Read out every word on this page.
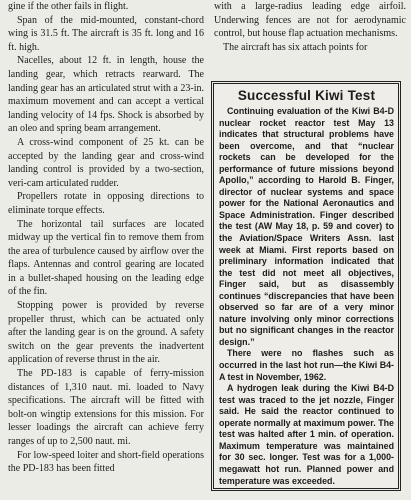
gine if the other fails in flight.

Span of the mid-mounted, constant-chord wing is 31.5 ft. The aircraft is 35 ft. long and 16 ft. high.

Nacelles, about 12 ft. in length, house the landing gear, which retracts rearward. The landing gear has an articulated strut with a 23-in. maximum movement and can accept a vertical landing velocity of 14 fps. Shock is absorbed by an oleo and spring beam arrangement.

A cross-wind component of 25 kt. can be accepted by the landing gear and cross-wind landing control is provided by a two-section, veri-cam articulated rudder.

Propellers rotate in opposing directions to eliminate torque effects.

The horizontal tail surfaces are located midway up the vertical fin to remove them from the area of turbulence caused by airflow over the flaps. Antennas and control gearing are located in a bullet-shaped housing on the leading edge of the fin.

Stopping power is provided by reverse propeller thrust, which can be actuated only after the landing gear is on the ground. A safety switch on the gear prevents the inadvertent application of reverse thrust in the air.

The PD-183 is capable of ferry-mission distances of 1,310 naut. mi. loaded to Navy specifications. The aircraft will be fitted with bolt-on wingtip extensions for this mission. For lesser loadings the aircraft can achieve ferry ranges of up to 2,500 naut. mi.

For low-speed loiter and short-field operations the PD-183 has been fitted

with a large-radius leading edge airfoil. Underwing fences are not for aerodynamic control, but house flap actuation mechanisms.

The aircraft has six attach points for

Successful Kiwi Test

Continuing evaluation of the Kiwi B4-D nuclear rocket reactor test May 13 indicates that structural problems have been overcome, and that “nuclear rockets can be developed for the performance of future missions beyond Apollo,” according to Harold B. Finger, director of nuclear systems and space power for the National Aeronautics and Space Administration. Finger described the test (AW May 18, p. 59 and cover) to the Aviation/Space Writers Assn. last week at Miami. First reports based on preliminary information indicated that the test did not meet all objectives, Finger said, but as disassembly continues “discrepancies that have been observed so far are of a very minor nature involving only minor corrections but no significant changes in the reactor design.”

There were no flashes such as occurred in the last hot run—the Kiwi B4-A test in November, 1962.

A hydrogen leak during the Kiwi B4-D test was traced to the jet nozzle, Finger said. He said the reactor continued to operate normally at maximum power. The test was halted after 1 min. of operation. Maximum temperature was maintained for 30 sec. longer. Test was for a 1,000-megawatt hot run. Planned power and temperature was exceeded.
